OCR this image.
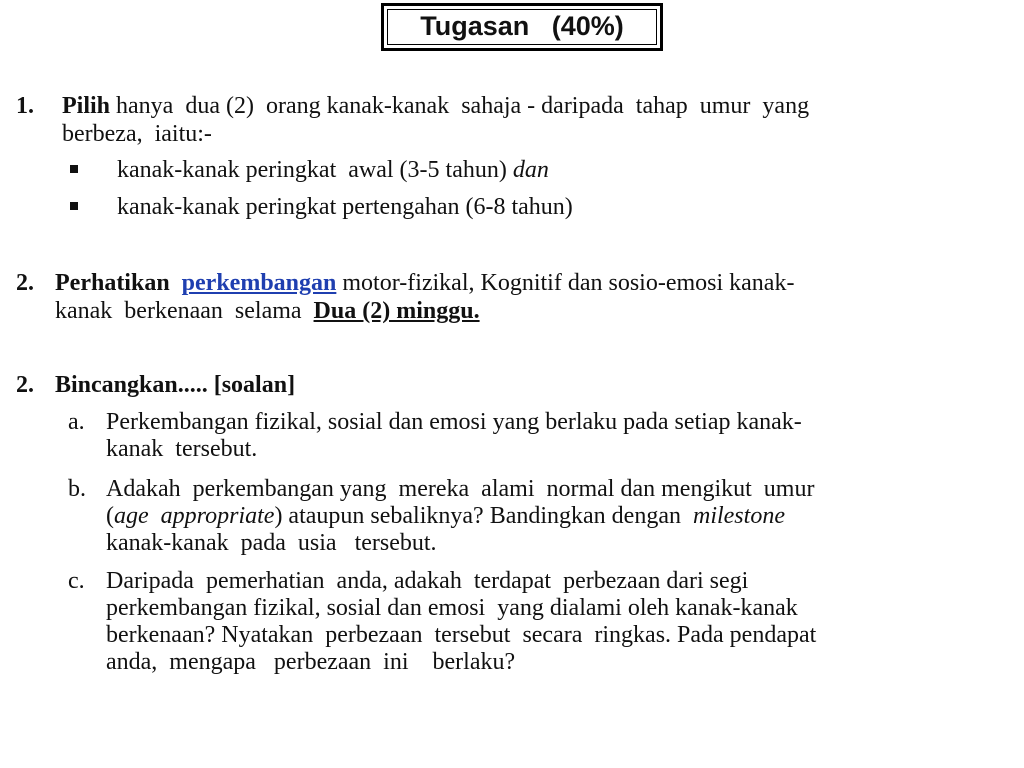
Tugasan   (40%)
1. Pilih hanya  dua (2)  orang kanak-kanak  sahaja - daripada  tahap  umur  yang
berbeza,  iaitu:-
kanak-kanak peringkat  awal (3-5 tahun) dan
kanak-kanak peringkat pertengahan (6-8 tahun)
2. Perhatikan perkembangan motor-fizikal, Kognitif dan sosio-emosi kanak-
kanak  berkenaan  selama  Dua (2) minggu.
2. Bincangkan..... [soalan]
a. Perkembangan fizikal, sosial dan emosi yang berlaku pada setiap kanak-
kanak  tersebut.
b. Adakah  perkembangan yang  mereka  alami  normal dan mengikut  umur
(age  appropriate) ataupun sebaliknya? Bandingkan dengan  milestone
kanak-kanak  pada  usia   tersebut.
c. Daripada  pemerhatian  anda, adakah  terdapat  perbezaan dari segi
perkembangan fizikal, sosial dan emosi  yang dialami oleh kanak-kanak
berkenaan? Nyatakan  perbezaan  tersebut  secara  ringkas. Pada pendapat
anda,  mengapa   perbezaan  ini    berlaku?
